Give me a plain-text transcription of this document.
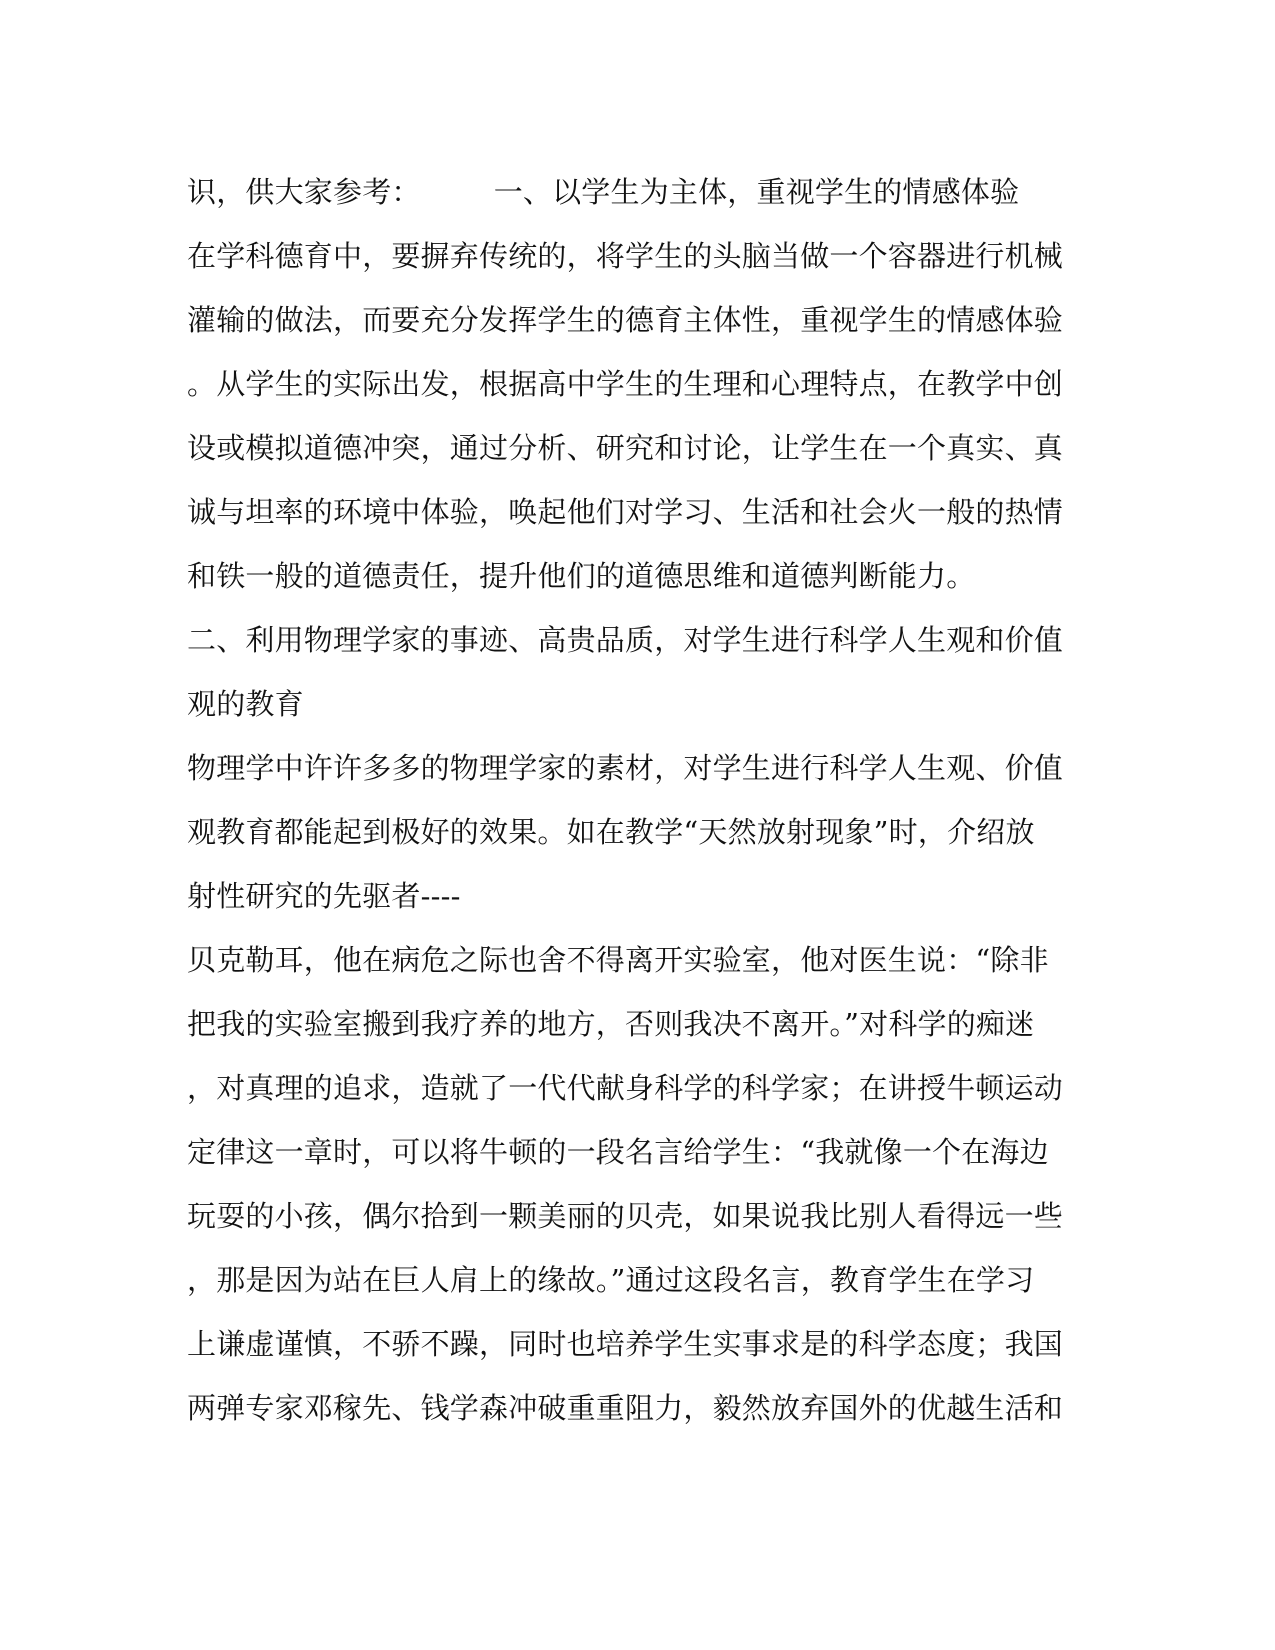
识，供大家参考：　　　一、以学生为主体，重视学生的情感体验
在学科德育中，要摒弃传统的，将学生的头脑当做一个容器进行机械
灌输的做法，而要充分发挥学生的德育主体性，重视学生的情感体验
。从学生的实际出发，根据高中学生的生理和心理特点，在教学中创
设或模拟道德冲突，通过分析、研究和讨论，让学生在一个真实、真
诚与坦率的环境中体验，唤起他们对学习、生活和社会火一般的热情
和铁一般的道德责任，提升他们的道德思维和道德判断能力。
二、利用物理学家的事迹、高贵品质，对学生进行科学人生观和价值
观的教育
物理学中许许多多的物理学家的素材，对学生进行科学人生观、价值
观教育都能起到极好的效果。如在教学“天然放射现象”时，介绍放
射性研究的先驱者----
贝克勒耳，他在病危之际也舍不得离开实验室，他对医生说：“除非
把我的实验室搬到我疗养的地方，否则我决不离开。”对科学的痴迷
，对真理的追求，造就了一代代献身科学的科学家；在讲授牛顿运动
定律这一章时，可以将牛顿的一段名言给学生：“我就像一个在海边
玩耍的小孩，偶尔拾到一颗美丽的贝壳，如果说我比别人看得远一些
，那是因为站在巨人肩上的缘故。”通过这段名言，教育学生在学习
上谦虚谨慎，不骄不躁，同时也培养学生实事求是的科学态度；我国
两弹专家邓稼先、钱学森冲破重重阻力，毅然放弃国外的优越生活和
